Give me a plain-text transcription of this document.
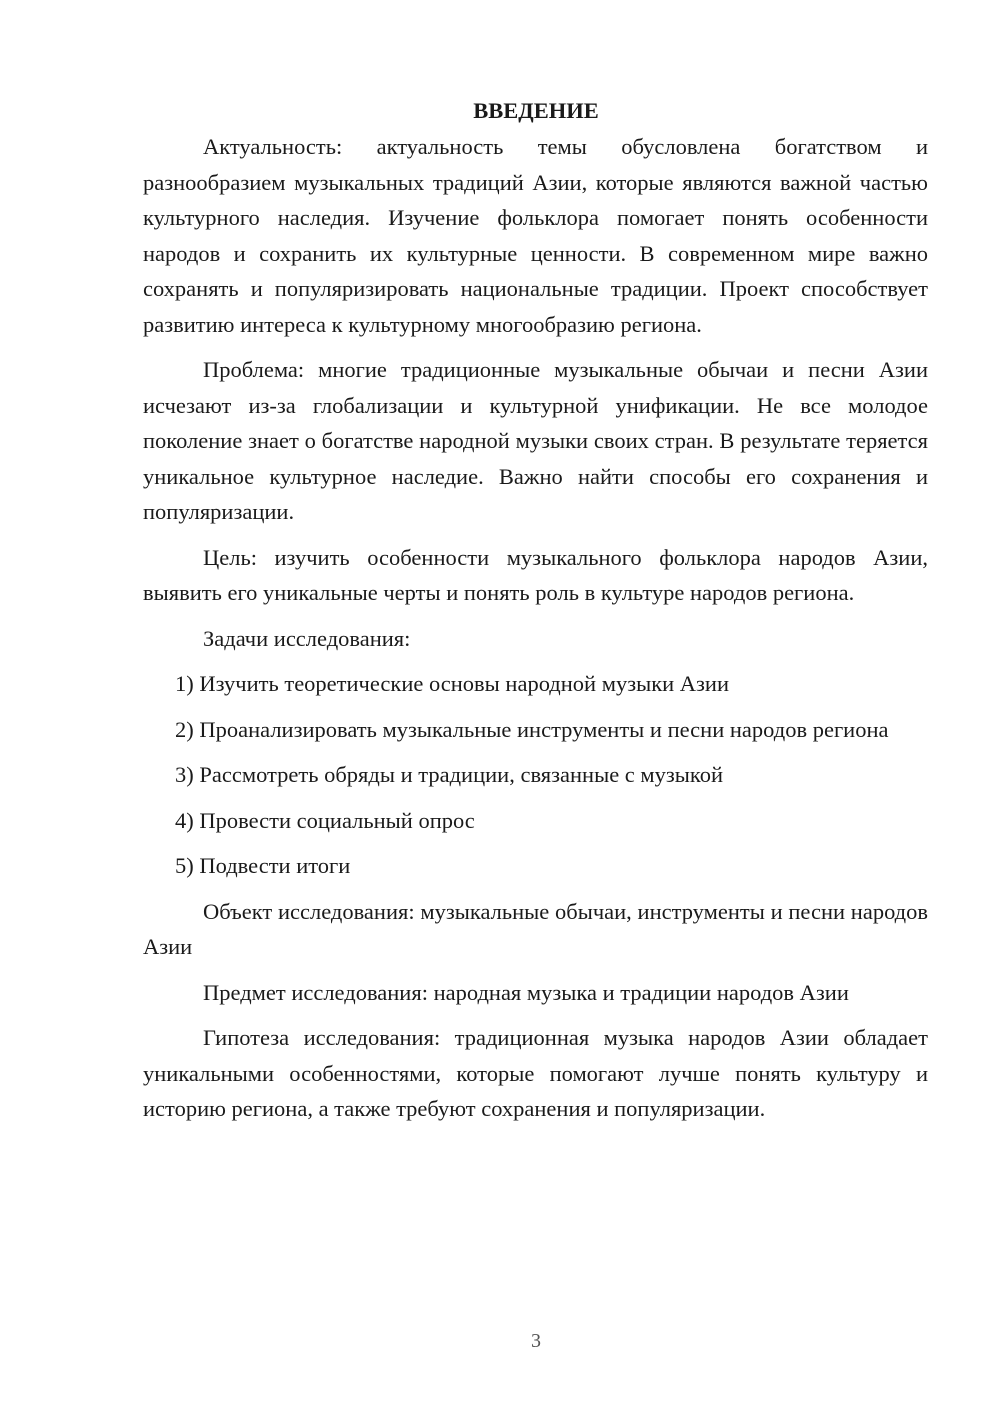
ВВЕДЕНИЕ

Актуальность: актуальность темы обусловлена богатством и разнообразием музыкальных традиций Азии, которые являются важной частью культурного наследия. Изучение фольклора помогает понять особенности народов и сохранить их культурные ценности. В современном мире важно сохранять и популяризировать национальные традиции. Проект способствует развитию интереса к культурному многообразию региона.

Проблема: многие традиционные музыкальные обычаи и песни Азии исчезают из-за глобализации и культурной унификации. Не все молодое поколение знает о богатстве народной музыки своих стран. В результате теряется уникальное культурное наследие. Важно найти способы его сохранения и популяризации.

Цель: изучить особенности музыкального фольклора народов Азии, выявить его уникальные черты и понять роль в культуре народов региона.

Задачи исследования:

1) Изучить теоретические основы народной музыки Азии

2) Проанализировать музыкальные инструменты и песни народов региона

3) Рассмотреть обряды и традиции, связанные с музыкой

4) Провести социальный опрос

5) Подвести итоги

Объект исследования: музыкальные обычаи, инструменты и песни народов Азии

Предмет исследования: народная музыка и традиции народов Азии

Гипотеза исследования: традиционная музыка народов Азии обладает уникальными особенностями, которые помогают лучше понять культуру и историю региона, а также требуют сохранения и популяризации.

3
